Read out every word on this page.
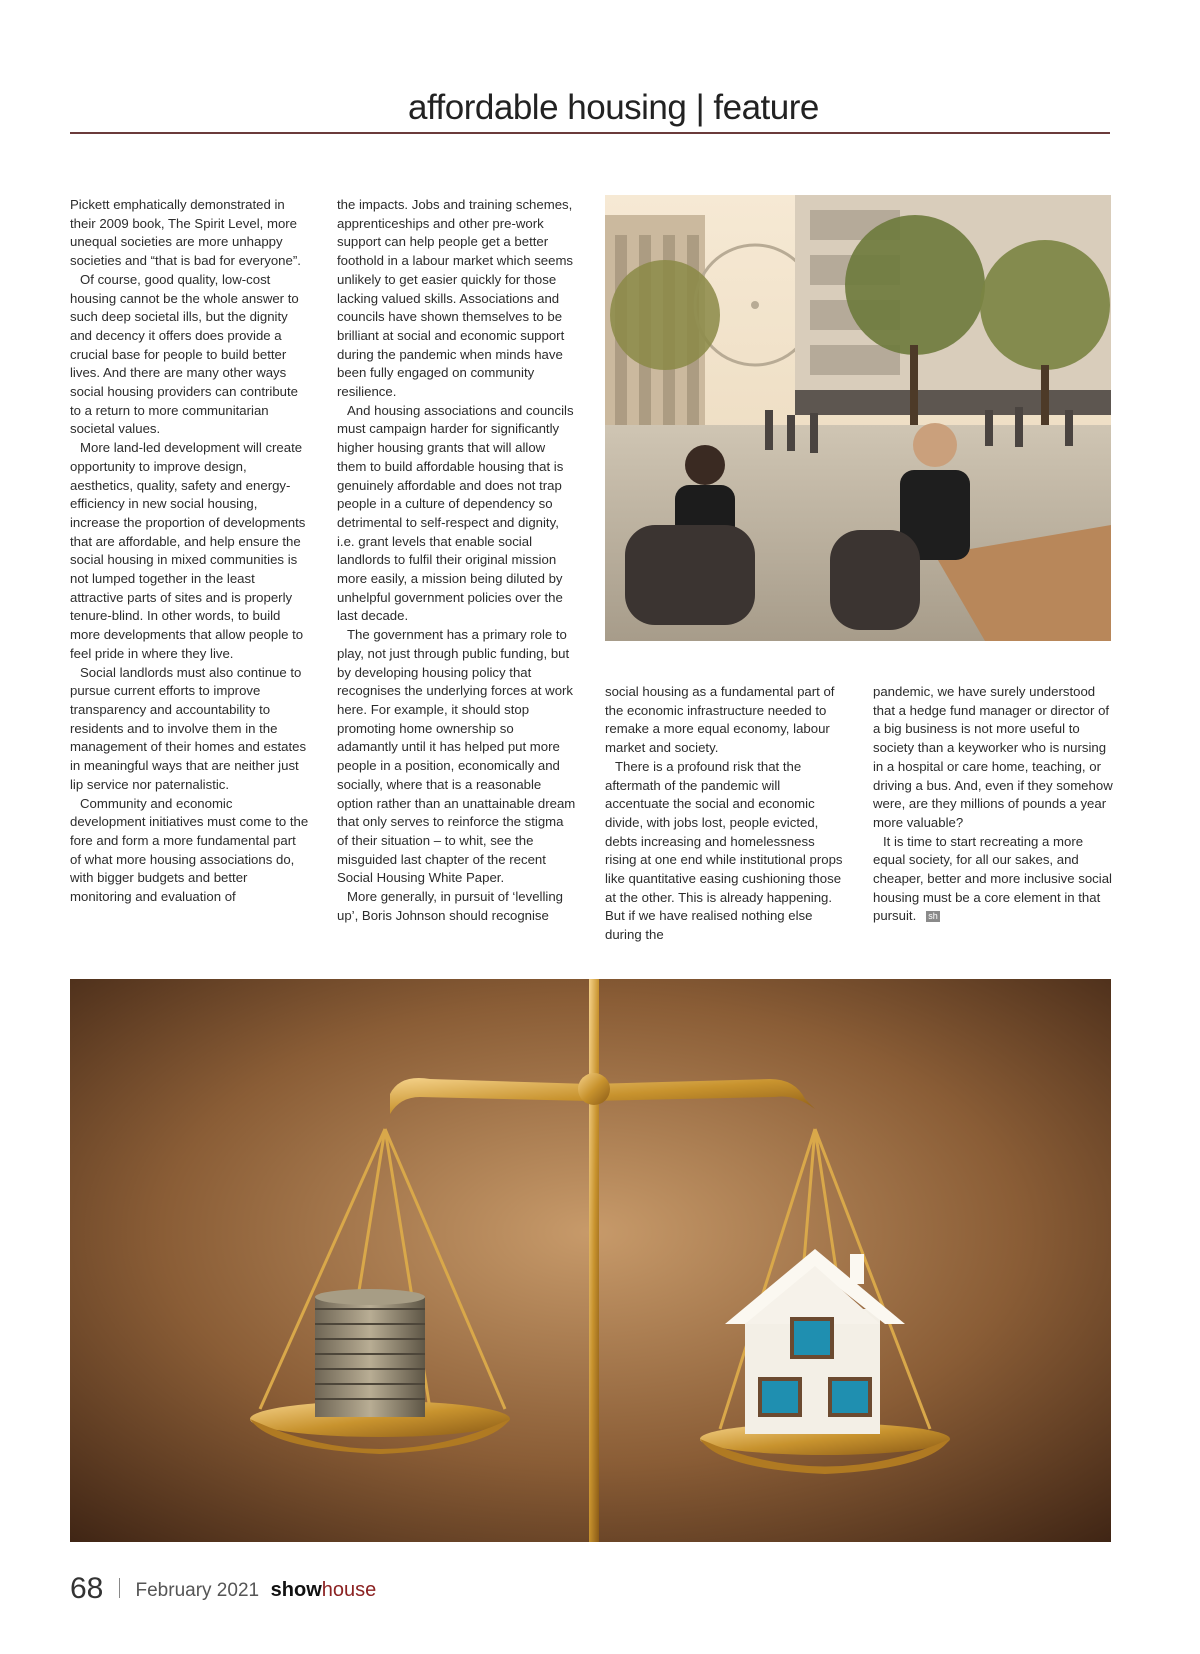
affordable housing | feature

Pickett emphatically demonstrated in their 2009 book, The Spirit Level, more unequal societies are more unhappy societies and “that is bad for everyone”.

Of course, good quality, low-cost housing cannot be the whole answer to such deep societal ills, but the dignity and decency it offers does provide a crucial base for people to build better lives. And there are many other ways social housing providers can contribute to a return to more communitarian societal values.

More land-led development will create opportunity to improve design, aesthetics, quality, safety and energy-efficiency in new social housing, increase the proportion of developments that are affordable, and help ensure the social housing in mixed communities is not lumped together in the least attractive parts of sites and is properly tenure-blind. In other words, to build more developments that allow people to feel pride in where they live.

Social landlords must also continue to pursue current efforts to improve transparency and accountability to residents and to involve them in the management of their homes and estates in meaningful ways that are neither just lip service nor paternalistic.

Community and economic development initiatives must come to the fore and form a more fundamental part of what more housing associations do, with bigger budgets and better monitoring and evaluation of

the impacts. Jobs and training schemes, apprenticeships and other pre-work support can help people get a better foothold in a labour market which seems unlikely to get easier quickly for those lacking valued skills. Associations and councils have shown themselves to be brilliant at social and economic support during the pandemic when minds have been fully engaged on community resilience.

And housing associations and councils must campaign harder for significantly higher housing grants that will allow them to build affordable housing that is genuinely affordable and does not trap people in a culture of dependency so detrimental to self-respect and dignity, i.e. grant levels that enable social landlords to fulfil their original mission more easily, a mission being diluted by unhelpful government policies over the last decade.

The government has a primary role to play, not just through public funding, but by developing housing policy that recognises the underlying forces at work here. For example, it should stop promoting home ownership so adamantly until it has helped put more people in a position, economically and socially, where that is a reasonable option rather than an unattainable dream that only serves to reinforce the stigma of their situation – to whit, see the misguided last chapter of the recent Social Housing White Paper.

More generally, in pursuit of ‘levelling up’, Boris Johnson should recognise

social housing as a fundamental part of the economic infrastructure needed to remake a more equal economy, labour market and society.

There is a profound risk that the aftermath of the pandemic will accentuate the social and economic divide, with jobs lost, people evicted, debts increasing and homelessness rising at one end while institutional props like quantitative easing cushioning those at the other. This is already happening. But if we have realised nothing else during the

pandemic, we have surely understood that a hedge fund manager or director of a big business is not more useful to society than a keyworker who is nursing in a hospital or care home, teaching, or driving a bus. And, even if they somehow were, are they millions of pounds a year more valuable?

It is time to start recreating a more equal society, for all our sakes, and cheaper, better and more inclusive social housing must be a core element in that pursuit. sh

68 February 2021 showhouse
